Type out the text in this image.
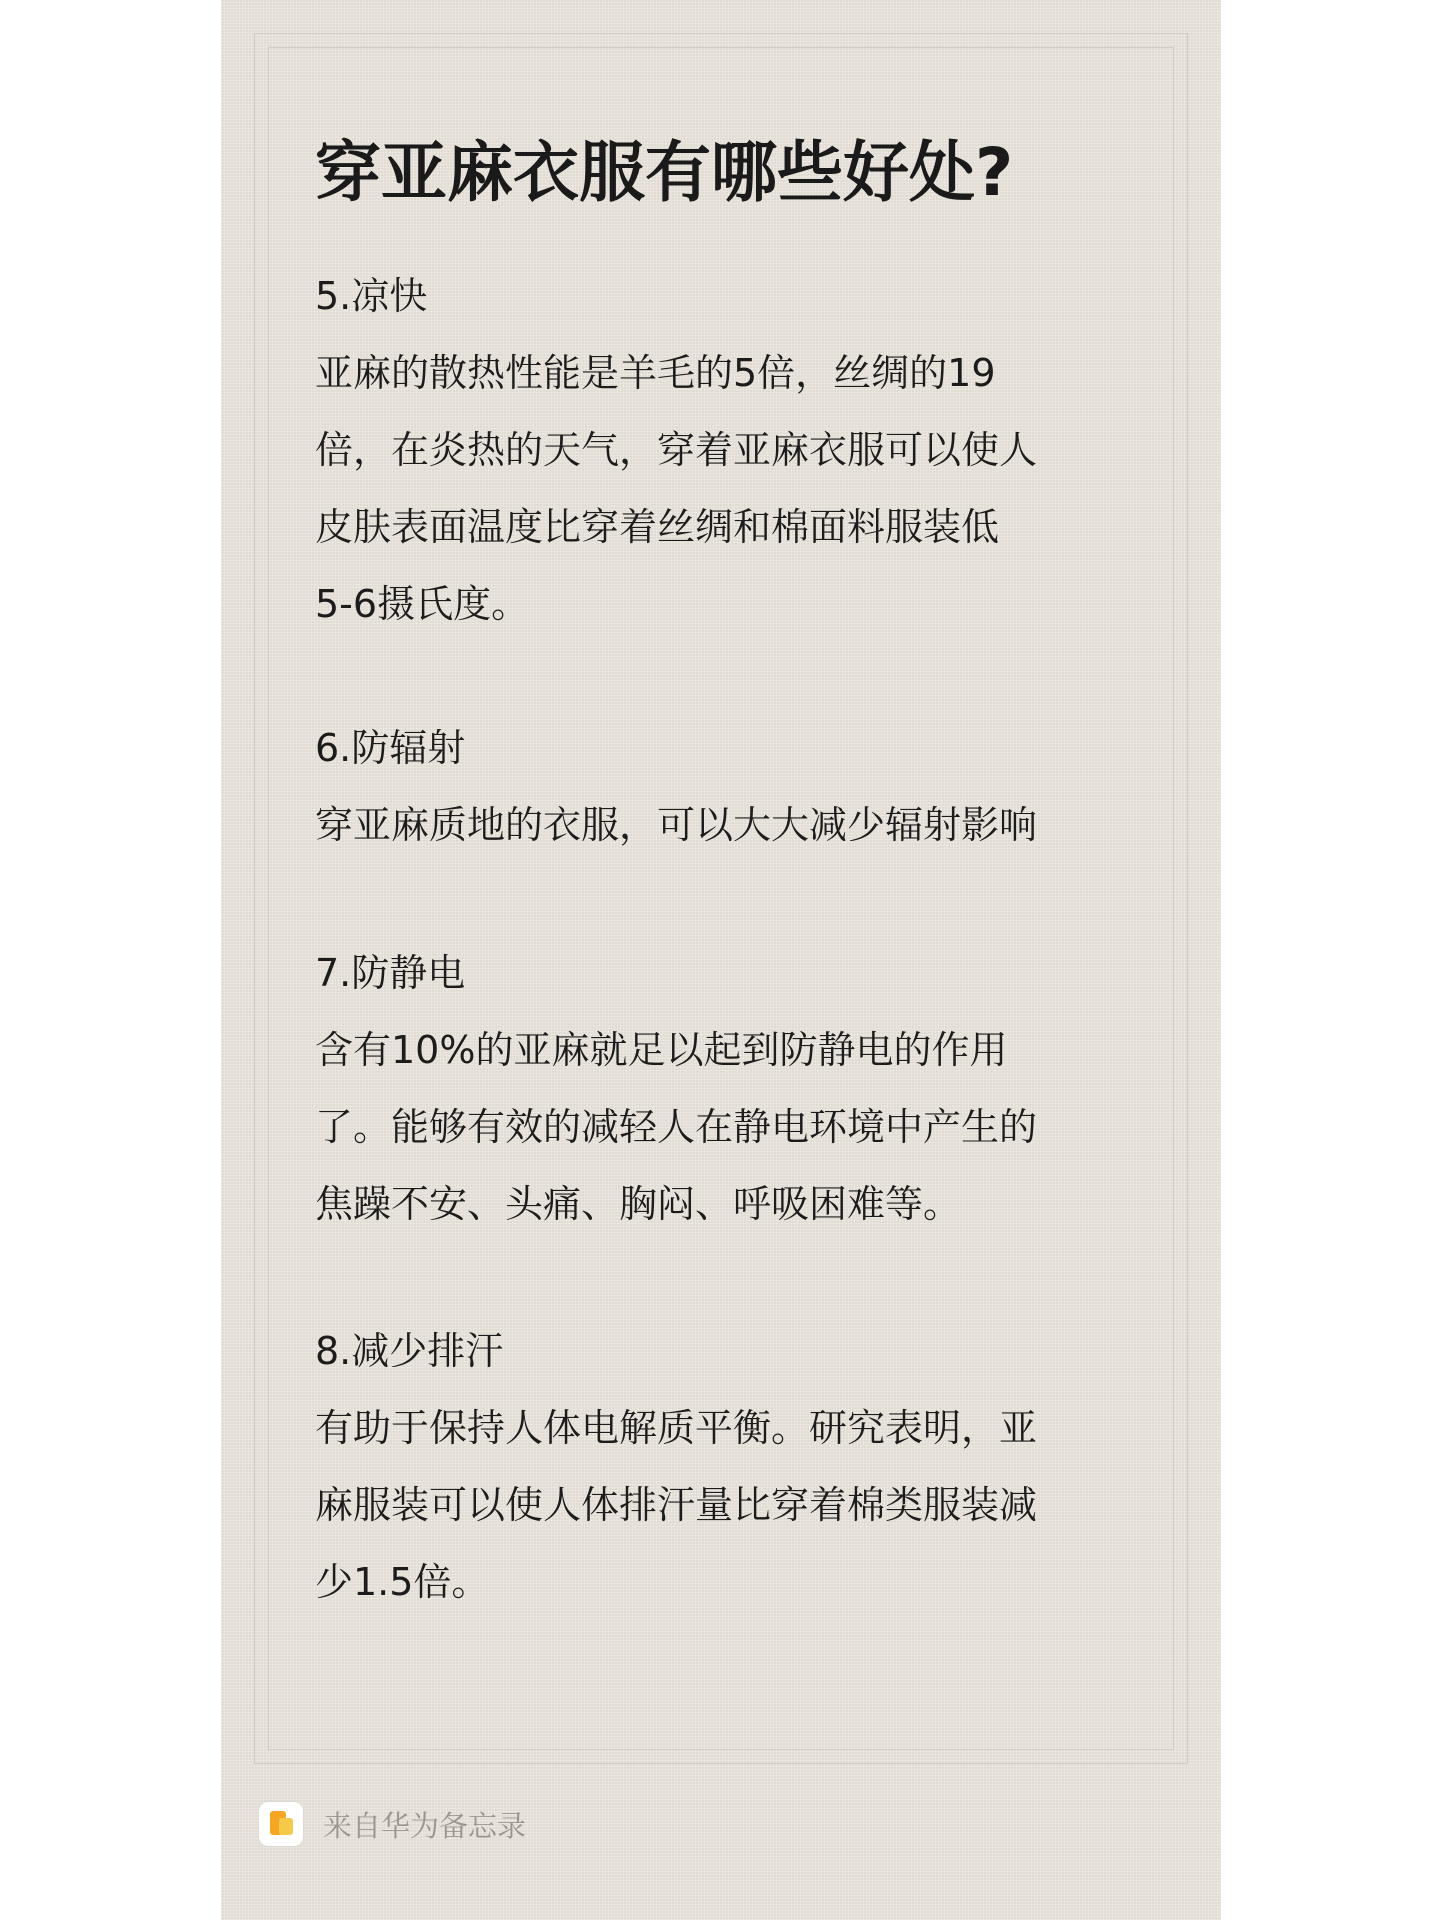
穿亚麻衣服有哪些好处?

5.凉快

亚麻的散热性能是羊毛的5倍，丝绸的19
倍，在炎热的天气，穿着亚麻衣服可以使人
皮肤表面温度比穿着丝绸和棉面料服装低
5-6摄氏度。

6.防辐射

穿亚麻质地的衣服，可以大大减少辐射影响

7.防静电

含有10%的亚麻就足以起到防静电的作用
了。能够有效的减轻人在静电环境中产生的
焦躁不安、头痛、胸闷、呼吸困难等。

8.减少排汗

有助于保持人体电解质平衡。研究表明，亚
麻服装可以使人体排汗量比穿着棉类服装减
少1.5倍。

来自华为备忘录
